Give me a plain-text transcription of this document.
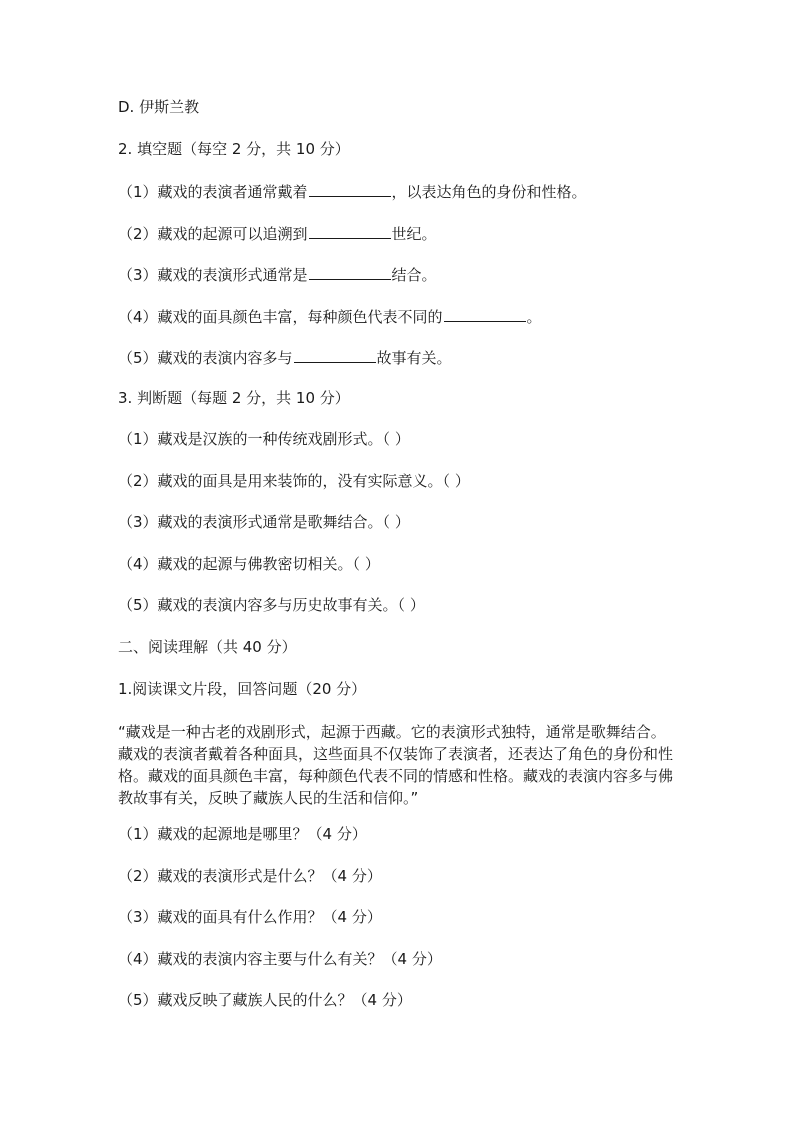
D. 伊斯兰教
2. 填空题（每空 2 分，共 10 分）
（1）藏戏的表演者通常戴着	，以表达角色的身份和性格。
（2）藏戏的起源可以追溯到	世纪。
（3）藏戏的表演形式通常是	结合。
（4）藏戏的面具颜色丰富，每种颜色代表不同的	。
（5）藏戏的表演内容多与	故事有关。
3. 判断题（每题 2 分，共 10 分）
（1）藏戏是汉族的一种传统戏剧形式。（ ）
（2）藏戏的面具是用来装饰的，没有实际意义。（ ）
（3）藏戏的表演形式通常是歌舞结合。（ ）
（4）藏戏的起源与佛教密切相关。（ ）
（5）藏戏的表演内容多与历史故事有关。（ ）
二、阅读理解（共 40 分）
1.阅读课文片段，回答问题（20 分）
“藏戏是一种古老的戏剧形式，起源于西藏。它的表演形式独特，通常是歌舞结合。藏戏的表演者戴着各种面具，这些面具不仅装饰了表演者，还表达了角色的身份和性格。藏戏的面具颜色丰富，每种颜色代表不同的情感和性格。藏戏的表演内容多与佛教故事有关，反映了藏族人民的生活和信仰。”
（1）藏戏的起源地是哪里？（4 分）
（2）藏戏的表演形式是什么？（4 分）
（3）藏戏的面具有什么作用？（4 分）
（4）藏戏的表演内容主要与什么有关？（4 分）
（5）藏戏反映了藏族人民的什么？（4 分）
